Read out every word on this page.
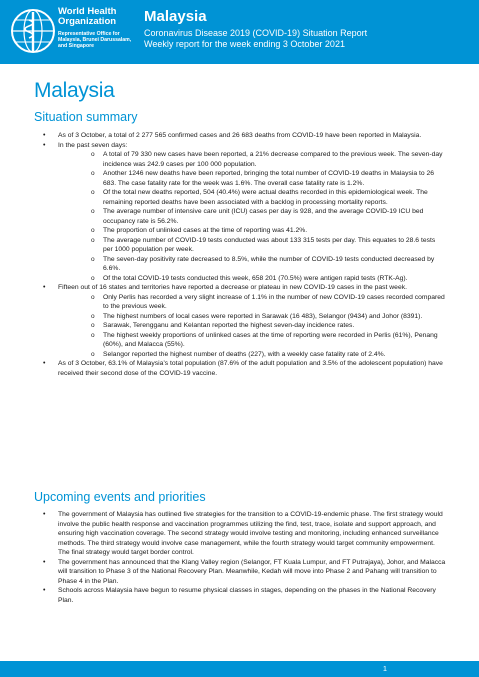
World Health Organization
Representative Office for Malaysia, Brunei Darussalam, and Singapore
Malaysia
Coronavirus Disease 2019 (COVID-19) Situation Report
Weekly report for the week ending 3 October 2021
Malaysia
Situation summary
• As of 3 October, a total of 2 277 565 confirmed cases and 26 683 deaths from COVID-19 have been reported in Malaysia.
• In the past seven days:
o A total of 79 330 new cases have been reported, a 21% decrease compared to the previous week. The seven-day incidence was 242.9 cases per 100 000 population.
o Another 1246 new deaths have been reported, bringing the total number of COVID-19 deaths in Malaysia to 26 683. The case fatality rate for the week was 1.6%. The overall case fatality rate is 1.2%.
o Of the total new deaths reported, 504 (40.4%) were actual deaths recorded in this epidemiological week. The remaining reported deaths have been associated with a backlog in processing mortality reports.
o The average number of intensive care unit (ICU) cases per day is 928, and the average COVID-19 ICU bed occupancy rate is 56.2%.
o The proportion of unlinked cases at the time of reporting was 41.2%.
o The average number of COVID-19 tests conducted was about 133 315 tests per day. This equates to 28.6 tests per 1000 population per week.
o The seven-day positivity rate decreased to 8.5%, while the number of COVID-19 tests conducted decreased by 6.6%.
o Of the total COVID-19 tests conducted this week, 658 201 (70.5%) were antigen rapid tests (RTK-Ag).
• Fifteen out of 16 states and territories have reported a decrease or plateau in new COVID-19 cases in the past week.
o Only Perlis has recorded a very slight increase of 1.1% in the number of new COVID-19 cases recorded compared to the previous week.
o The highest numbers of local cases were reported in Sarawak (16 483), Selangor (9434) and Johor (8391).
o Sarawak, Terengganu and Kelantan reported the highest seven-day incidence rates.
o The highest weekly proportions of unlinked cases at the time of reporting were recorded in Perlis (61%), Penang (60%), and Malacca (55%).
o Selangor reported the highest number of deaths (227), with a weekly case fatality rate of 2.4%.
• As of 3 October, 63.1% of Malaysia’s total population (87.6% of the adult population and 3.5% of the adolescent population) have received their second dose of the COVID-19 vaccine.
Upcoming events and priorities
• The government of Malaysia has outlined five strategies for the transition to a COVID-19-endemic phase. The first strategy would involve the public health response and vaccination programmes utilizing the find, test, trace, isolate and support approach, and ensuring high vaccination coverage. The second strategy would involve testing and monitoring, including enhanced surveillance methods. The third strategy would involve case management, while the fourth strategy would target community empowerment. The final strategy would target border control.
• The government has announced that the Klang Valley region (Selangor, FT Kuala Lumpur, and FT Putrajaya), Johor, and Malacca will transition to Phase 3 of the National Recovery Plan. Meanwhile, Kedah will move into Phase 2 and Pahang will transition to Phase 4 in the Plan.
• Schools across Malaysia have begun to resume physical classes in stages, depending on the phases in the National Recovery Plan.
1
